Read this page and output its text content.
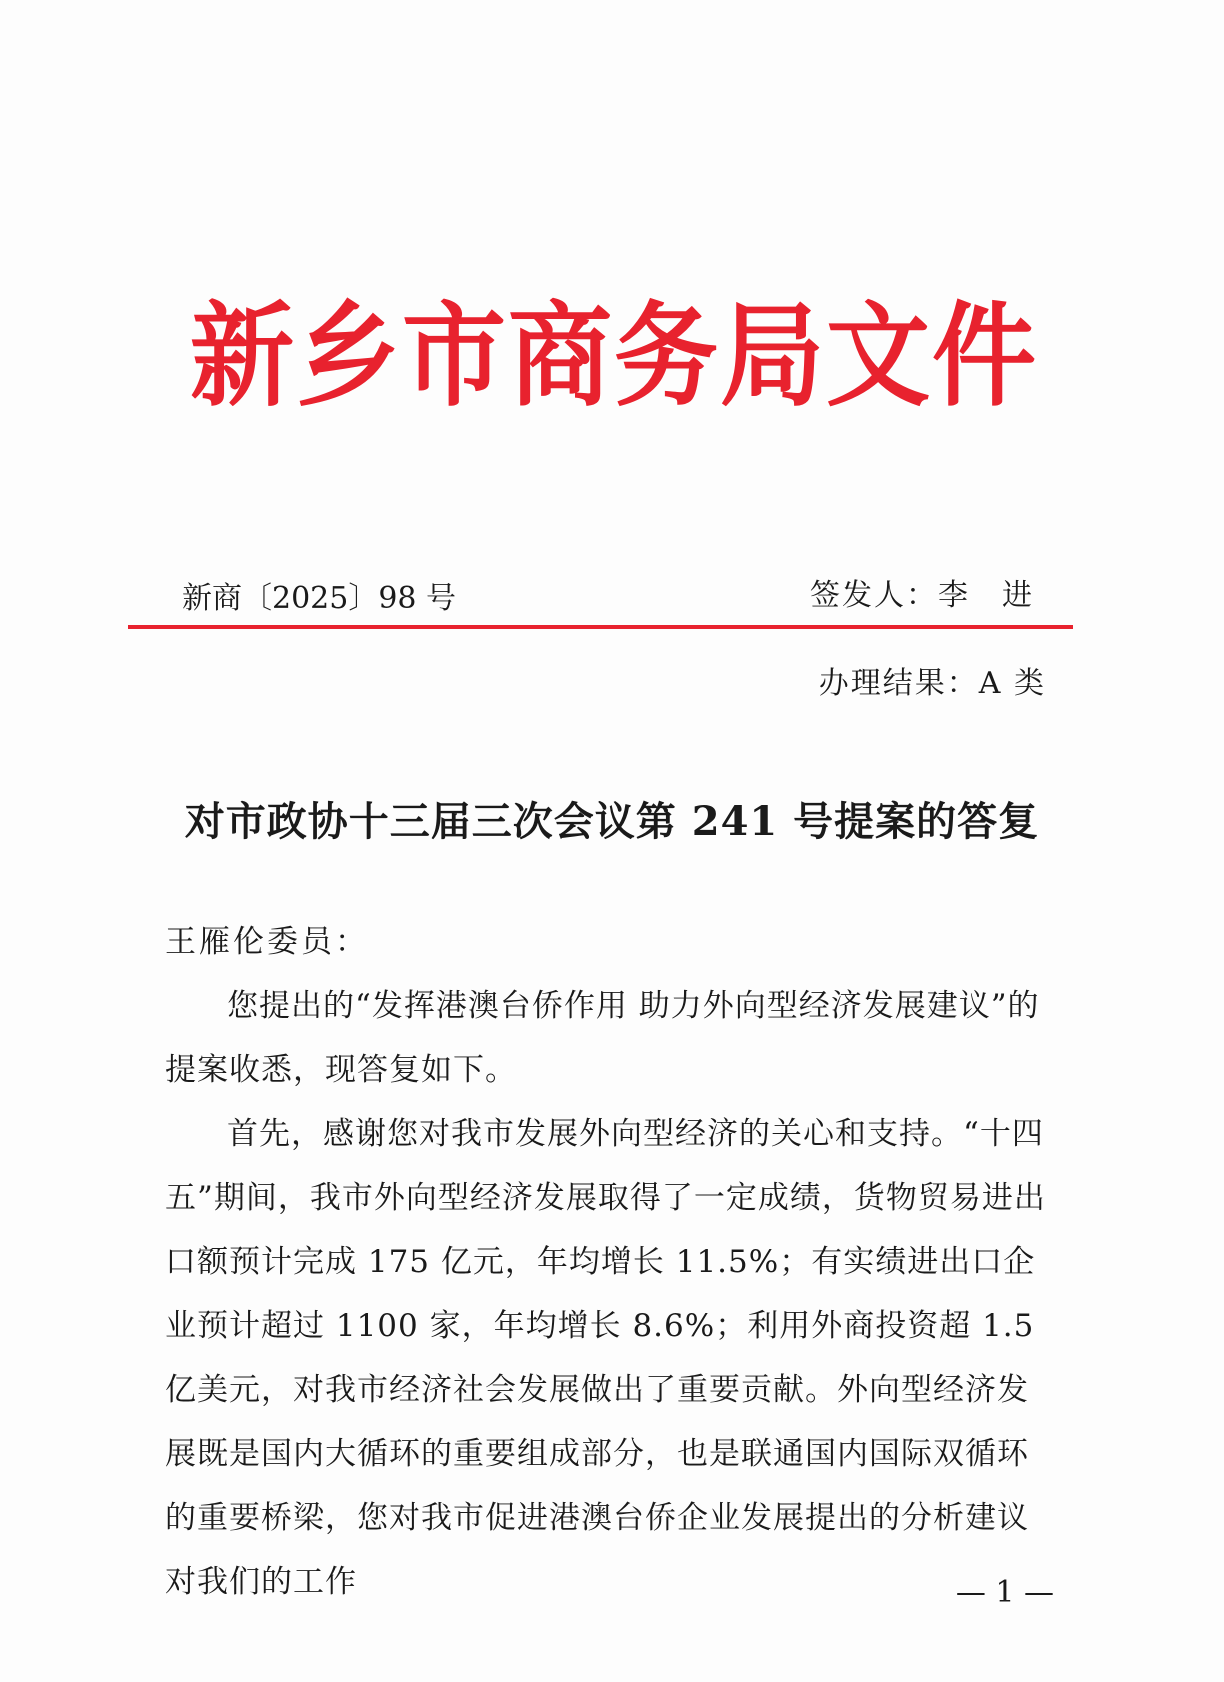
新乡市商务局文件
新商〔2025〕98 号	签发人：李　进
办理结果：A 类
对市政协十三届三次会议第 241 号提案的答复

王雁伦委员：

您提出的“发挥港澳台侨作用 助力外向型经济发展建议”的提案收悉，现答复如下。

首先，感谢您对我市发展外向型经济的关心和支持。“十四五”期间，我市外向型经济发展取得了一定成绩，货物贸易进出口额预计完成 175 亿元，年均增长 11.5%；有实绩进出口企业预计超过 1100 家，年均增长 8.6%；利用外商投资超 1.5 亿美元，对我市经济社会发展做出了重要贡献。外向型经济发展既是国内大循环的重要组成部分，也是联通国内国际双循环的重要桥梁，您对我市促进港澳台侨企业发展提出的分析建议对我们的工作	— 1 —
